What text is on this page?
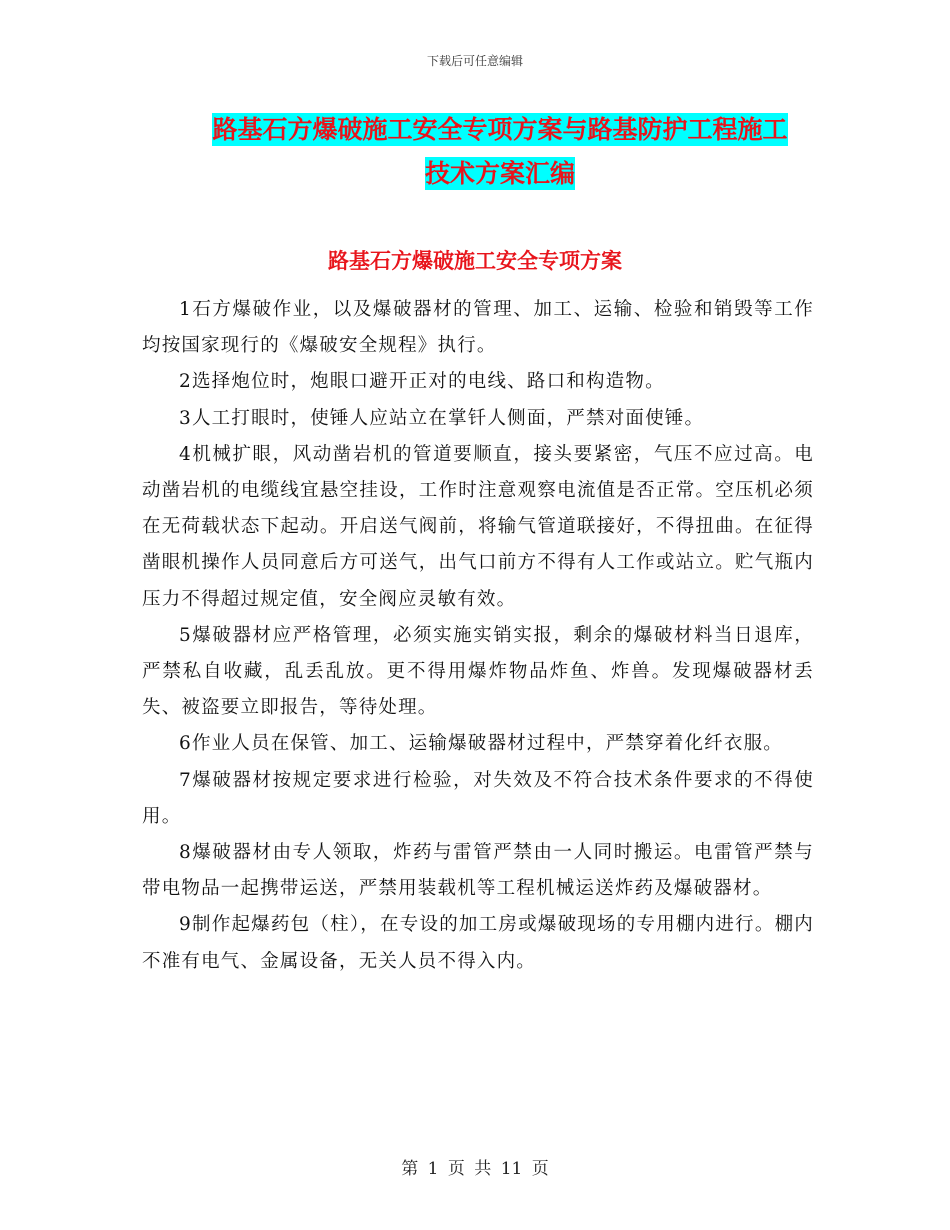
下载后可任意编辑
路基石方爆破施工安全专项方案与路基防护工程施工
技术方案汇编
路基石方爆破施工安全专项方案

1石方爆破作业，以及爆破器材的管理、加工、运输、检验和销毁等工作均按国家现行的《爆破安全规程》执行。

2选择炮位时，炮眼口避开正对的电线、路口和构造物。

3人工打眼时，使锤人应站立在掌钎人侧面，严禁对面使锤。

4机械扩眼，风动凿岩机的管道要顺直，接头要紧密，气压不应过高。电动凿岩机的电缆线宜悬空挂设，工作时注意观察电流值是否正常。空压机必须在无荷载状态下起动。开启送气阀前，将输气管道联接好，不得扭曲。在征得凿眼机操作人员同意后方可送气，出气口前方不得有人工作或站立。贮气瓶内压力不得超过规定值，安全阀应灵敏有效。

5爆破器材应严格管理，必须实施实销实报，剩余的爆破材料当日退库，严禁私自收藏，乱丢乱放。更不得用爆炸物品炸鱼、炸兽。发现爆破器材丢失、被盗要立即报告，等待处理。

6作业人员在保管、加工、运输爆破器材过程中，严禁穿着化纤衣服。

7爆破器材按规定要求进行检验，对失效及不符合技术条件要求的不得使用。

8爆破器材由专人领取，炸药与雷管严禁由一人同时搬运。电雷管严禁与带电物品一起携带运送，严禁用装载机等工程机械运送炸药及爆破器材。

9制作起爆药包（柱），在专设的加工房或爆破现场的专用棚内进行。棚内不准有电气、金属设备，无关人员不得入内。

第 1 页 共 11 页
